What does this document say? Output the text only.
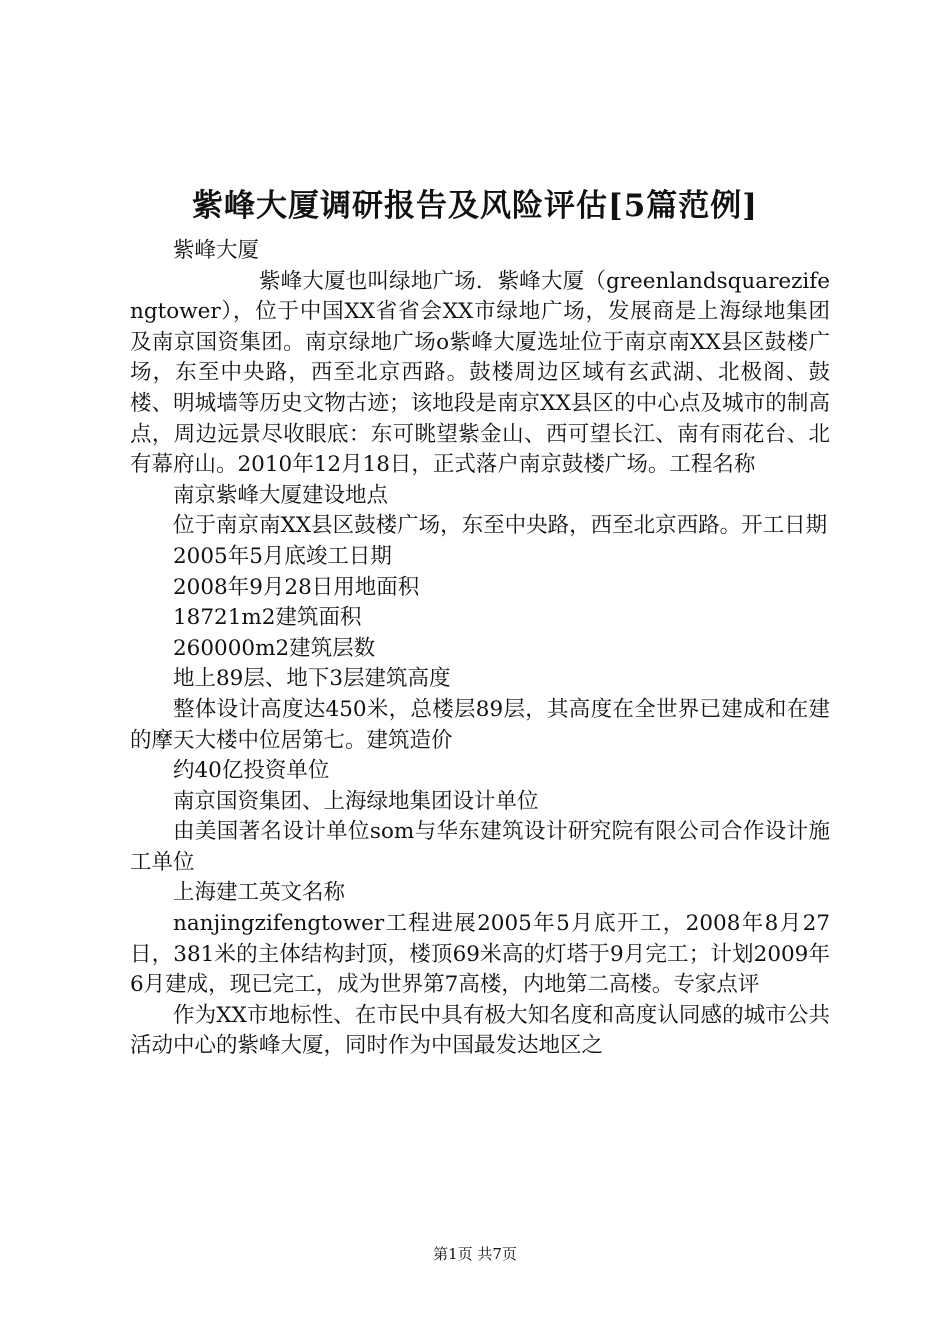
紫峰大厦调研报告及风险评估[5篇范例]

紫峰大厦

紫峰大厦也叫绿地广场．紫峰大厦（greenlandsquarezifengtower），位于中国XX省省会XX市绿地广场，发展商是上海绿地集团及南京国资集团。南京绿地广场o紫峰大厦选址位于南京南XX县区鼓楼广场，东至中央路，西至北京西路。鼓楼周边区域有玄武湖、北极阁、鼓楼、明城墙等历史文物古迹；该地段是南京XX县区的中心点及城市的制高点，周边远景尽收眼底：东可眺望紫金山、西可望长江、南有雨花台、北有幕府山。2010年12月18日，正式落户南京鼓楼广场。工程名称

南京紫峰大厦建设地点

位于南京南XX县区鼓楼广场，东至中央路，西至北京西路。开工日期

2005年5月底竣工日期

2008年9月28日用地面积

18721m2建筑面积

260000m2建筑层数

地上89层、地下3层建筑高度

整体设计高度达450米，总楼层89层，其高度在全世界已建成和在建的摩天大楼中位居第七。建筑造价

约40亿投资单位

南京国资集团、上海绿地集团设计单位

由美国著名设计单位som与华东建筑设计研究院有限公司合作设计施工单位

上海建工英文名称

nanjingzifengtower工程进展2005年5月底开工，2008年8月27日，381米的主体结构封顶，楼顶69米高的灯塔于9月完工；计划2009年6月建成，现已完工，成为世界第7高楼，内地第二高楼。专家点评

作为XX市地标性、在市民中具有极大知名度和高度认同感的城市公共活动中心的紫峰大厦，同时作为中国最发达地区之

第1页 共7页
